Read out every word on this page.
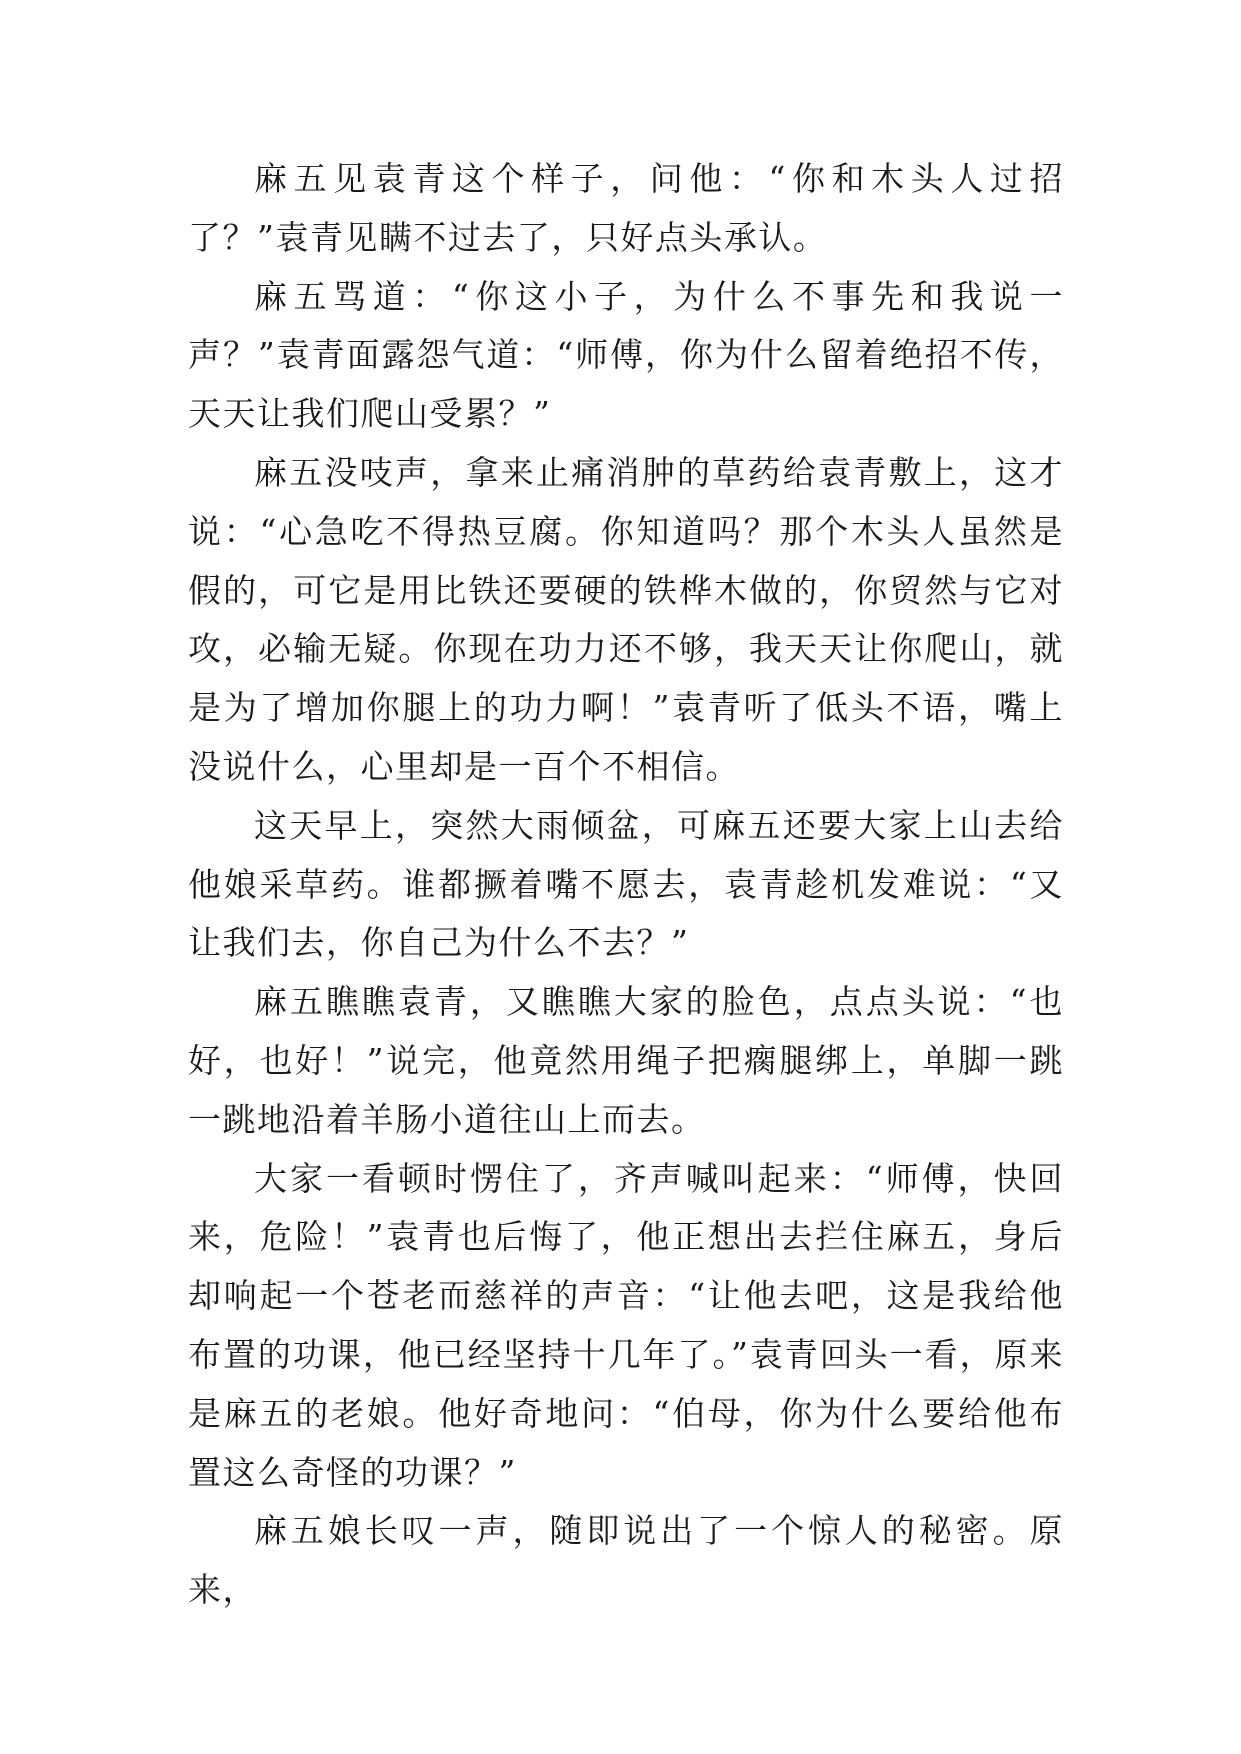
麻五见袁青这个样子，问他：“你和木头人过招了？”袁青见瞒不过去了，只好点头承认。

麻五骂道：“你这小子，为什么不事先和我说一声？”袁青面露怨气道：“师傅，你为什么留着绝招不传，天天让我们爬山受累？”

麻五没吱声，拿来止痛消肿的草药给袁青敷上，这才说：“心急吃不得热豆腐。你知道吗？那个木头人虽然是假的，可它是用比铁还要硬的铁桦木做的，你贸然与它对攻，必输无疑。你现在功力还不够，我天天让你爬山，就是为了增加你腿上的功力啊！”袁青听了低头不语，嘴上没说什么，心里却是一百个不相信。

这天早上，突然大雨倾盆，可麻五还要大家上山去给他娘采草药。谁都撅着嘴不愿去，袁青趁机发难说：“又让我们去，你自己为什么不去？”

麻五瞧瞧袁青，又瞧瞧大家的脸色，点点头说：“也好，也好！”说完，他竟然用绳子把瘸腿绑上，单脚一跳一跳地沿着羊肠小道往山上而去。

大家一看顿时愣住了，齐声喊叫起来：“师傅，快回来，危险！”袁青也后悔了，他正想出去拦住麻五，身后却响起一个苍老而慈祥的声音：“让他去吧，这是我给他布置的功课，他已经坚持十几年了。”袁青回头一看，原来是麻五的老娘。他好奇地问：“伯母，你为什么要给他布置这么奇怪的功课？”

麻五娘长叹一声，随即说出了一个惊人的秘密。原来，
